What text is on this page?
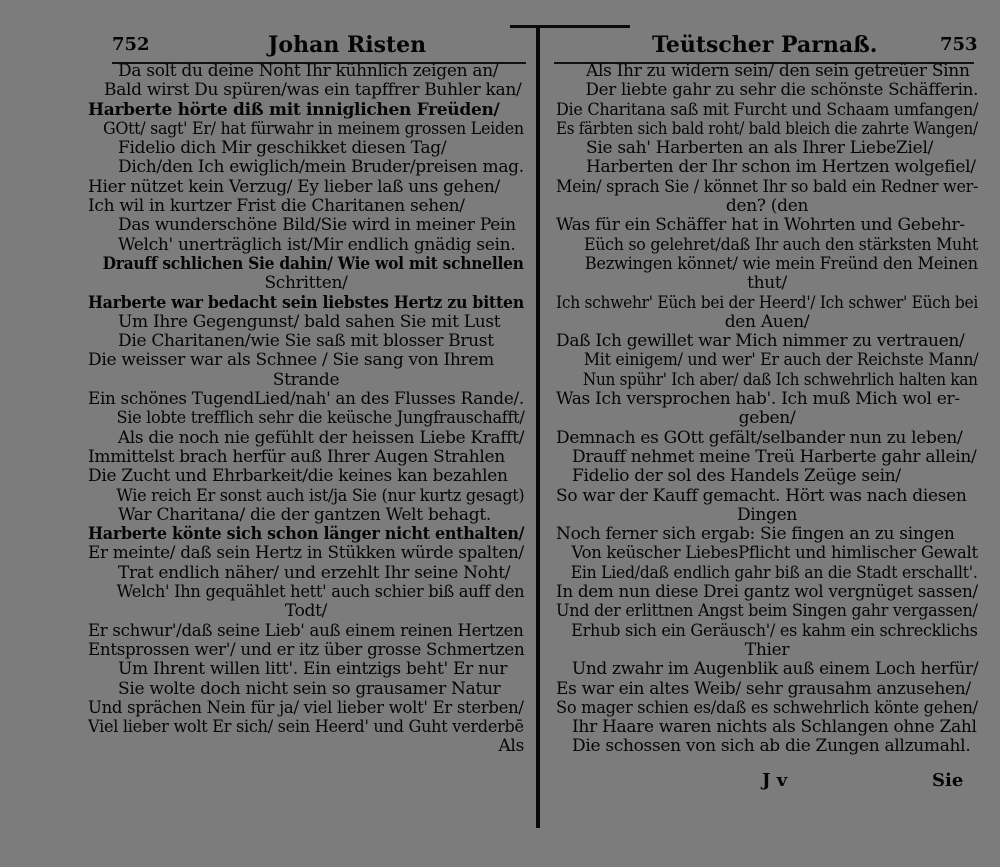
752	Johan Risten
Da solt du deine Noht Ihr kühnlich zeigen an/
Bald wirst Du spüren/was ein tapffrer Buhler kan/
Harberte hörte diß mit inniglichen Freüden/
GOtt/ sagt' Er/ hat fürwahr in meinem grossen Leiden
Fidelio dich Mir geschikket diesen Tag/
Dich/den Ich ewiglich/mein Bruder/preisen mag.
Hier nützet kein Verzug/ Ey lieber laß uns gehen/
Ich wil in kurtzer Frist die Charitanen sehen/
Das wunderschöne Bild/Sie wird in meiner Pein
Welch' unerträglich ist/Mir endlich gnädig sein.
Drauff schlichen Sie dahin/ Wie wol mit schnellen
Schritten/
Harberte war bedacht sein liebstes Hertz zu bitten
Um Ihre Gegengunst/ bald sahen Sie mit Lust
Die Charitanen/wie Sie saß mit blosser Brust
Die weisser war als Schnee / Sie sang von Ihrem
Strande
Ein schönes TugendLied/nah' an des Flusses Rande/.
Sie lobte trefflich sehr die keüsche Jungfrauschafft/
Als die noch nie gefühlt der heissen Liebe Krafft/
Immittelst brach herfür auß Ihrer Augen Strahlen
Die Zucht und Ehrbarkeit/die keines kan bezahlen
Wie reich Er sonst auch ist/ja Sie (nur kurtz gesagt)
War Charitana/ die der gantzen Welt behagt.
Harberte könte sich schon länger nicht enthalten/
Er meinte/ daß sein Hertz in Stükken würde spalten/
Trat endlich näher/ und erzehlt Ihr seine Noht/
Welch' Ihn gequählet hett' auch schier biß auff den
Todt/
Er schwur'/daß seine Lieb' auß einem reinen Hertzen
Entsprossen wer'/ und er itz über grosse Schmertzen
Um Ihrent willen litt'. Ein eintzigs beht' Er nur
Sie wolte doch nicht sein so grausamer Natur
Und sprächen Nein für ja/ viel lieber wolt' Er sterben/
Viel lieber wolt Er sich/ sein Heerd' und Guht verderbē
Als
Teütscher Parnaß.	753
Als Ihr zu widern sein/ den sein getreüer Sinn
Der liebte gahr zu sehr die schönste Schäfferin.
Die Charitana saß mit Furcht und Schaam umfangen/
Es färbten sich bald roht/ bald bleich die zahrte Wangen/
Sie sah' Harberten an als Ihrer LiebeZiel/
Harberten der Ihr schon im Hertzen wolgefiel/
Mein/ sprach Sie / könnet Ihr so bald ein Redner wer-
den? (den
Was für ein Schäffer hat in Wohrten und Gebehr-
Eüch so gelehret/daß Ihr auch den stärksten Muht
Bezwingen könnet/ wie mein Freünd den Meinen
thut/
Ich schwehr' Eüch bei der Heerd'/ Ich schwer' Eüch bei
den Auen/
Daß Ich gewillet war Mich nimmer zu vertrauen/
Mit einigem/ und wer' Er auch der Reichste Mann/
Nun spühr' Ich aber/ daß Ich schwehrlich halten kan
Was Ich versprochen hab'. Ich muß Mich wol er-
geben/
Demnach es GOtt gefält/selbander nun zu leben/
Drauff nehmet meine Treü Harberte gahr allein/
Fidelio der sol des Handels Zeüge sein/
So war der Kauff gemacht. Hört was nach diesen
Dingen
Noch ferner sich ergab: Sie fingen an zu singen
Von keüscher LiebesPflicht und himlischer Gewalt
Ein Lied/daß endlich gahr biß an die Stadt erschallt'.
In dem nun diese Drei gantz wol vergnüget sassen/
Und der erlittnen Angst beim Singen gahr vergassen/
Erhub sich ein Geräusch'/ es kahm ein schrecklichs
Thier
Und zwahr im Augenblik auß einem Loch herfür/
Es war ein altes Weib/ sehr grausahm anzusehen/
So mager schien es/daß es schwehrlich könte gehen/
Ihr Haare waren nichts als Schlangen ohne Zahl
Die schossen von sich ab die Zungen allzumahl.
J v	Sie
